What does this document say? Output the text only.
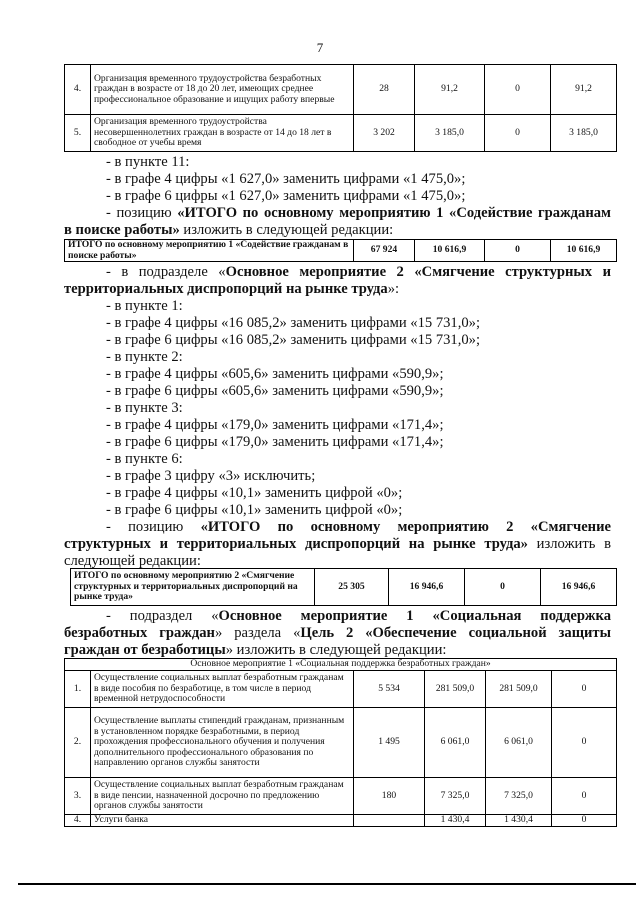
7
4.	Организация временного трудоустройства безработных граждан в возрасте от 18 до 20 лет, имеющих среднее профессиональное образование и ищущих работу впервые	28	91,2	0	91,2
5.	Организация временного трудоустройства несовершеннолетних граждан в возрасте от 14 до 18 лет в свободное от учебы время	3 202	3 185,0	0	3 185,0
- в пункте 11:
- в графе 4 цифры «1 627,0» заменить цифрами «1 475,0»;
- в графе 6 цифры «1 627,0» заменить цифрами «1 475,0»;
- позицию «ИТОГО по основному мероприятию 1 «Содействие гражданам
в поиске работы» изложить в следующей редакции:
ИТОГО по основному мероприятию 1 «Содействие гражданам в поиске работы»	67 924	10 616,9	0	10 616,9
- в подразделе «Основное мероприятие 2 «Смягчение структурных и
территориальных диспропорций на рынке труда»:
- в пункте 1:
- в графе 4 цифры «16 085,2» заменить цифрами «15 731,0»;
- в графе 6 цифры «16 085,2» заменить цифрами «15 731,0»;
- в пункте 2:
- в графе 4 цифры «605,6» заменить цифрами «590,9»;
- в графе 6 цифры «605,6» заменить цифрами «590,9»;
- в пункте 3:
- в графе 4 цифры «179,0» заменить цифрами «171,4»;
- в графе 6 цифры «179,0» заменить цифрами «171,4»;
- в пункте 6:
- в графе 3 цифру «3» исключить;
- в графе 4 цифры «10,1» заменить цифрой «0»;
- в графе 6 цифры «10,1» заменить цифрой «0»;
- позицию «ИТОГО по основному мероприятию 2 «Смягчение
структурных и территориальных диспропорций на рынке труда» изложить в
следующей редакции:
ИТОГО по основному мероприятию 2 «Смягчение структурных и территориальных диспропорций на рынке труда»	25 305	16 946,6	0	16 946,6
- подраздел «Основное мероприятие 1 «Социальная поддержка
безработных граждан» раздела «Цель 2 «Обеспечение социальной защиты
граждан от безработицы» изложить в следующей редакции:
Основное мероприятие 1 «Социальная поддержка безработных граждан»					
1.	Осуществление социальных выплат безработным гражданам в виде пособия по безработице, в том числе в период временной нетрудоспособности	5 534	281 509,0	281 509,0	0
2.	Осуществление выплаты стипендий гражданам, признанным в установленном порядке безработными, в период прохождения профессионального обучения и получения дополнительного профессионального образования по направлению органов службы занятости	1 495	6 061,0	6 061,0	0
3.	Осуществление социальных выплат безработным гражданам в виде пенсии, назначенной досрочно по предложению органов службы занятости	180	7 325,0	7 325,0	0
4.	Услуги банка		1 430,4	1 430,4	0
